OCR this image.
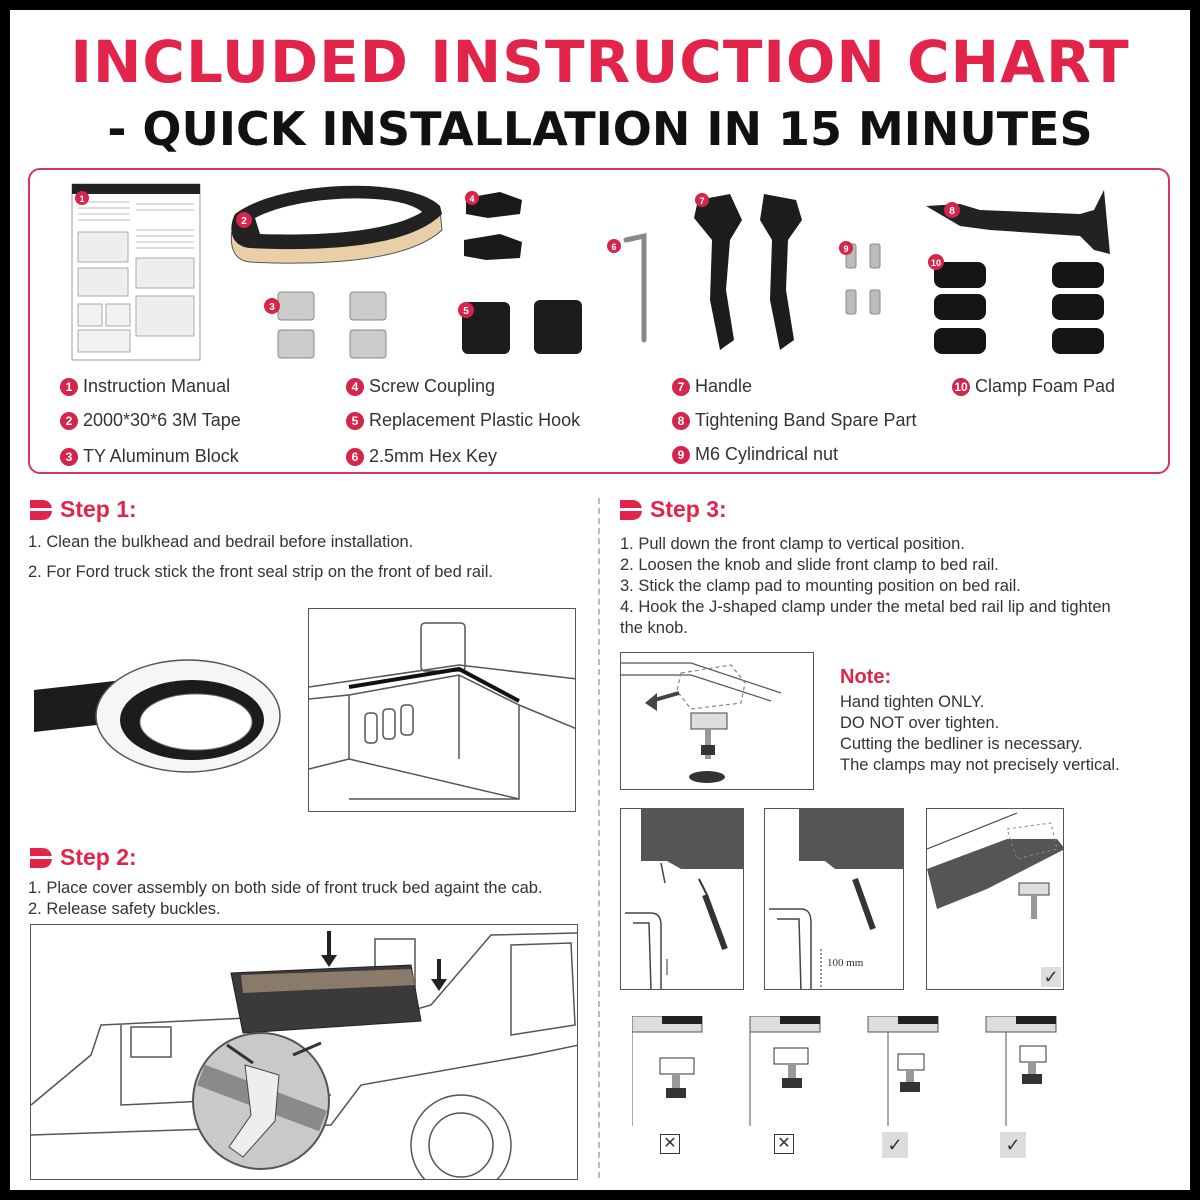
INCLUDED INSTRUCTION CHART
- QUICK INSTALLATION IN 15 MINUTES
1
2
3
4
5
6
7
9
8
10
1 Instruction Manual
2 2000*30*6 3M Tape
3 TY Aluminum Block
4 Screw Coupling
5 Replacement Plastic Hook
6 2.5mm Hex Key
7 Handle
8 Tightening Band Spare Part
9 M6 Cylindrical nut
10 Clamp Foam Pad
Step 1:
1. Clean the bulkhead and bedrail before installation.
2. For Ford truck stick the front seal strip on the front of bed rail.
Step 2:
1. Place cover assembly on both side of front truck bed againt the cab.
2. Release safety buckles.
Step 3:
1. Pull down the front clamp to vertical position.
2. Loosen the knob and slide front clamp to bed rail.
3. Stick the clamp pad to mounting position on bed rail.
4. Hook the J-shaped clamp under the metal bed rail lip and tighten
the knob.
Note:
Hand tighten ONLY.
DO NOT over tighten.
Cutting the bedliner is necessary.
The clamps may not precisely vertical.
100 mm
✓
✕	✕	✓	✓
